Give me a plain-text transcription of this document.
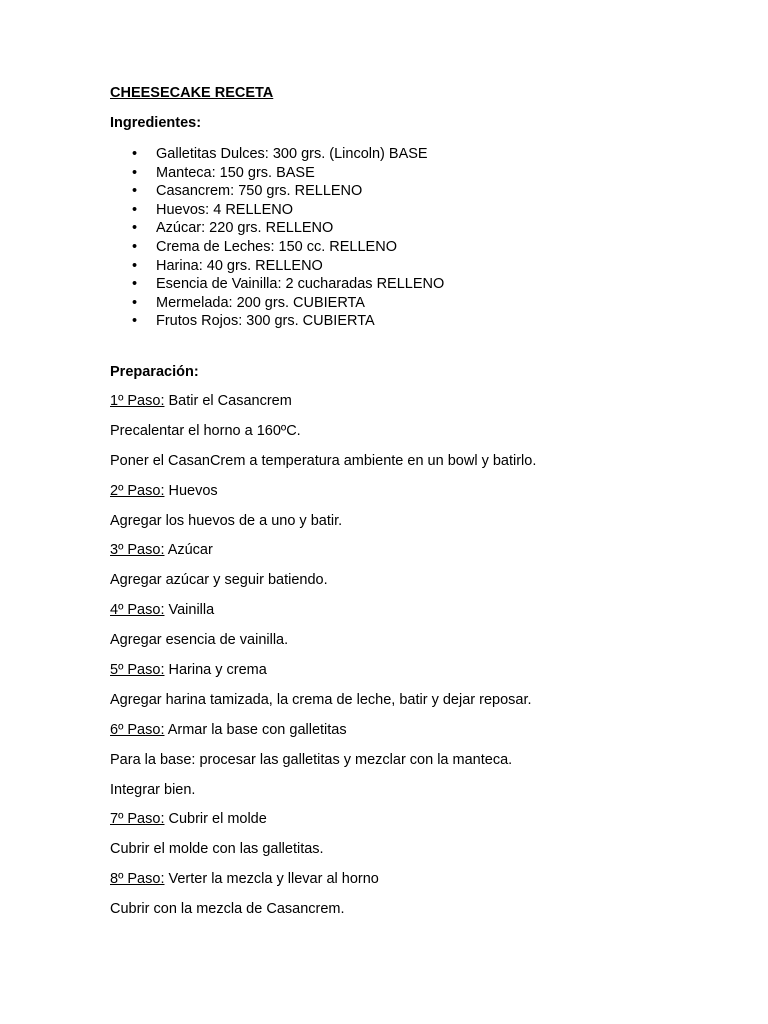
CHEESECAKE RECETA
Ingredientes:
• Galletitas Dulces: 300 grs. (Lincoln) BASE
• Manteca: 150 grs. BASE
• Casancrem: 750 grs. RELLENO
• Huevos: 4 RELLENO
• Azúcar: 220 grs. RELLENO
• Crema de Leches: 150 cc. RELLENO
• Harina: 40 grs. RELLENO
• Esencia de Vainilla: 2 cucharadas RELLENO
• Mermelada: 200 grs. CUBIERTA
• Frutos Rojos: 300 grs. CUBIERTA
Preparación:
1º Paso: Batir el Casancrem
Precalentar el horno a 160ºC.
Poner el CasanCrem a temperatura ambiente en un bowl y batirlo.
2º Paso: Huevos
Agregar los huevos de a uno y batir.
3º Paso: Azúcar
Agregar azúcar y seguir batiendo.
4º Paso: Vainilla
Agregar esencia de vainilla.
5º Paso: Harina y crema
Agregar harina tamizada, la crema de leche, batir y dejar reposar.
6º Paso: Armar la base con galletitas
Para la base: procesar las galletitas y mezclar con la manteca.
Integrar bien.
7º Paso: Cubrir el molde
Cubrir el molde con las galletitas.
8º Paso: Verter la mezcla y llevar al horno
Cubrir con la mezcla de Casancrem.
